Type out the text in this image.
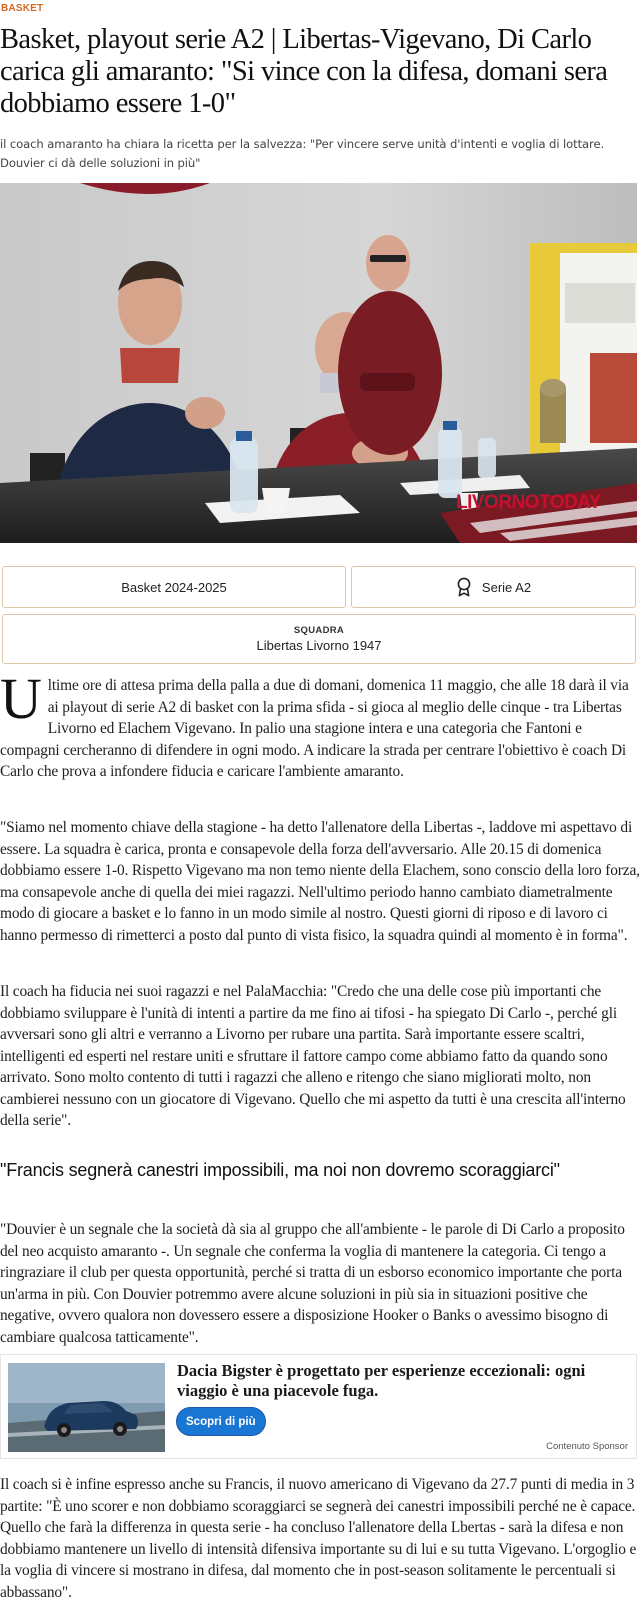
BASKET
Basket, playout serie A2 | Libertas-Vigevano, Di Carlo carica gli amaranto: "Si vince con la difesa, domani sera dobbiamo essere 1-0"

il coach amaranto ha chiara la ricetta per la salvezza: "Per vincere serve unità d'intenti e voglia di lottare. Douvier ci dà delle soluzioni in più"

LIVORNOTODAY
Basket 2024-2025	Serie A2
SQUADRA
Libertas Livorno 1947

Ultime ore di attesa prima della palla a due di domani, domenica 11 maggio, che alle 18 darà il via ai playout di serie A2 di basket con la prima sfida - si gioca al meglio delle cinque - tra Libertas Livorno ed Elachem Vigevano. In palio una stagione intera e una categoria che Fantoni e compagni cercheranno di difendere in ogni modo. A indicare la strada per centrare l'obiettivo è coach Di Carlo che prova a infondere fiducia e caricare l'ambiente amaranto.

"Siamo nel momento chiave della stagione - ha detto l'allenatore della Libertas -, laddove mi aspettavo di essere. La squadra è carica, pronta e consapevole della forza dell'avversario. Alle 20.15 di domenica dobbiamo essere 1-0. Rispetto Vigevano ma non temo niente della Elachem, sono conscio della loro forza, ma consapevole anche di quella dei miei ragazzi. Nell'ultimo periodo hanno cambiato diametralmente modo di giocare a basket e lo fanno in un modo simile al nostro. Questi giorni di riposo e di lavoro ci hanno permesso di rimetterci a posto dal punto di vista fisico, la squadra quindi al momento è in forma".

Il coach ha fiducia nei suoi ragazzi e nel PalaMacchia: "Credo che una delle cose più importanti che dobbiamo sviluppare è l'unità di intenti a partire da me fino ai tifosi - ha spiegato Di Carlo -, perché gli avversari sono gli altri e verranno a Livorno per rubare una partita. Sarà importante essere scaltri, intelligenti ed esperti nel restare uniti e sfruttare il fattore campo come abbiamo fatto da quando sono arrivato. Sono molto contento di tutti i ragazzi che alleno e ritengo che siano migliorati molto, non cambierei nessuno con un giocatore di Vigevano. Quello che mi aspetto da tutti è una crescita all'interno della serie".

"Francis segnerà canestri impossibili, ma noi non dovremo scoraggiarci"

"Douvier è un segnale che la società dà sia al gruppo che all'ambiente - le parole di Di Carlo a proposito del neo acquisto amaranto -. Un segnale che conferma la voglia di mantenere la categoria. Ci tengo a ringraziare il club per questa opportunità, perché si tratta di un esborso economico importante che porta un'arma in più. Con Douvier potremmo avere alcune soluzioni in più sia in situazioni positive che negative, ovvero qualora non dovessero essere a disposizione Hooker o Banks o avessimo bisogno di cambiare qualcosa tatticamente".

Dacia Bigster è progettato per esperienze eccezionali: ogni viaggio è una piacevole fuga.
Scopri di più
Contenuto Sponsor

Il coach si è infine espresso anche su Francis, il nuovo americano di Vigevano da 27.7 punti di media in 3 partite: "È uno scorer e non dobbiamo scoraggiarci se segnerà dei canestri impossibili perché ne è capace. Quello che farà la differenza in questa serie - ha concluso l'allenatore della Lbertas - sarà la difesa e non dobbiamo mantenere un livello di intensità difensiva importante su di lui e su tutta Vigevano. L'orgoglio e la voglia di vincere si mostrano in difesa, dal momento che in post-season solitamente le percentuali si abbassano".
